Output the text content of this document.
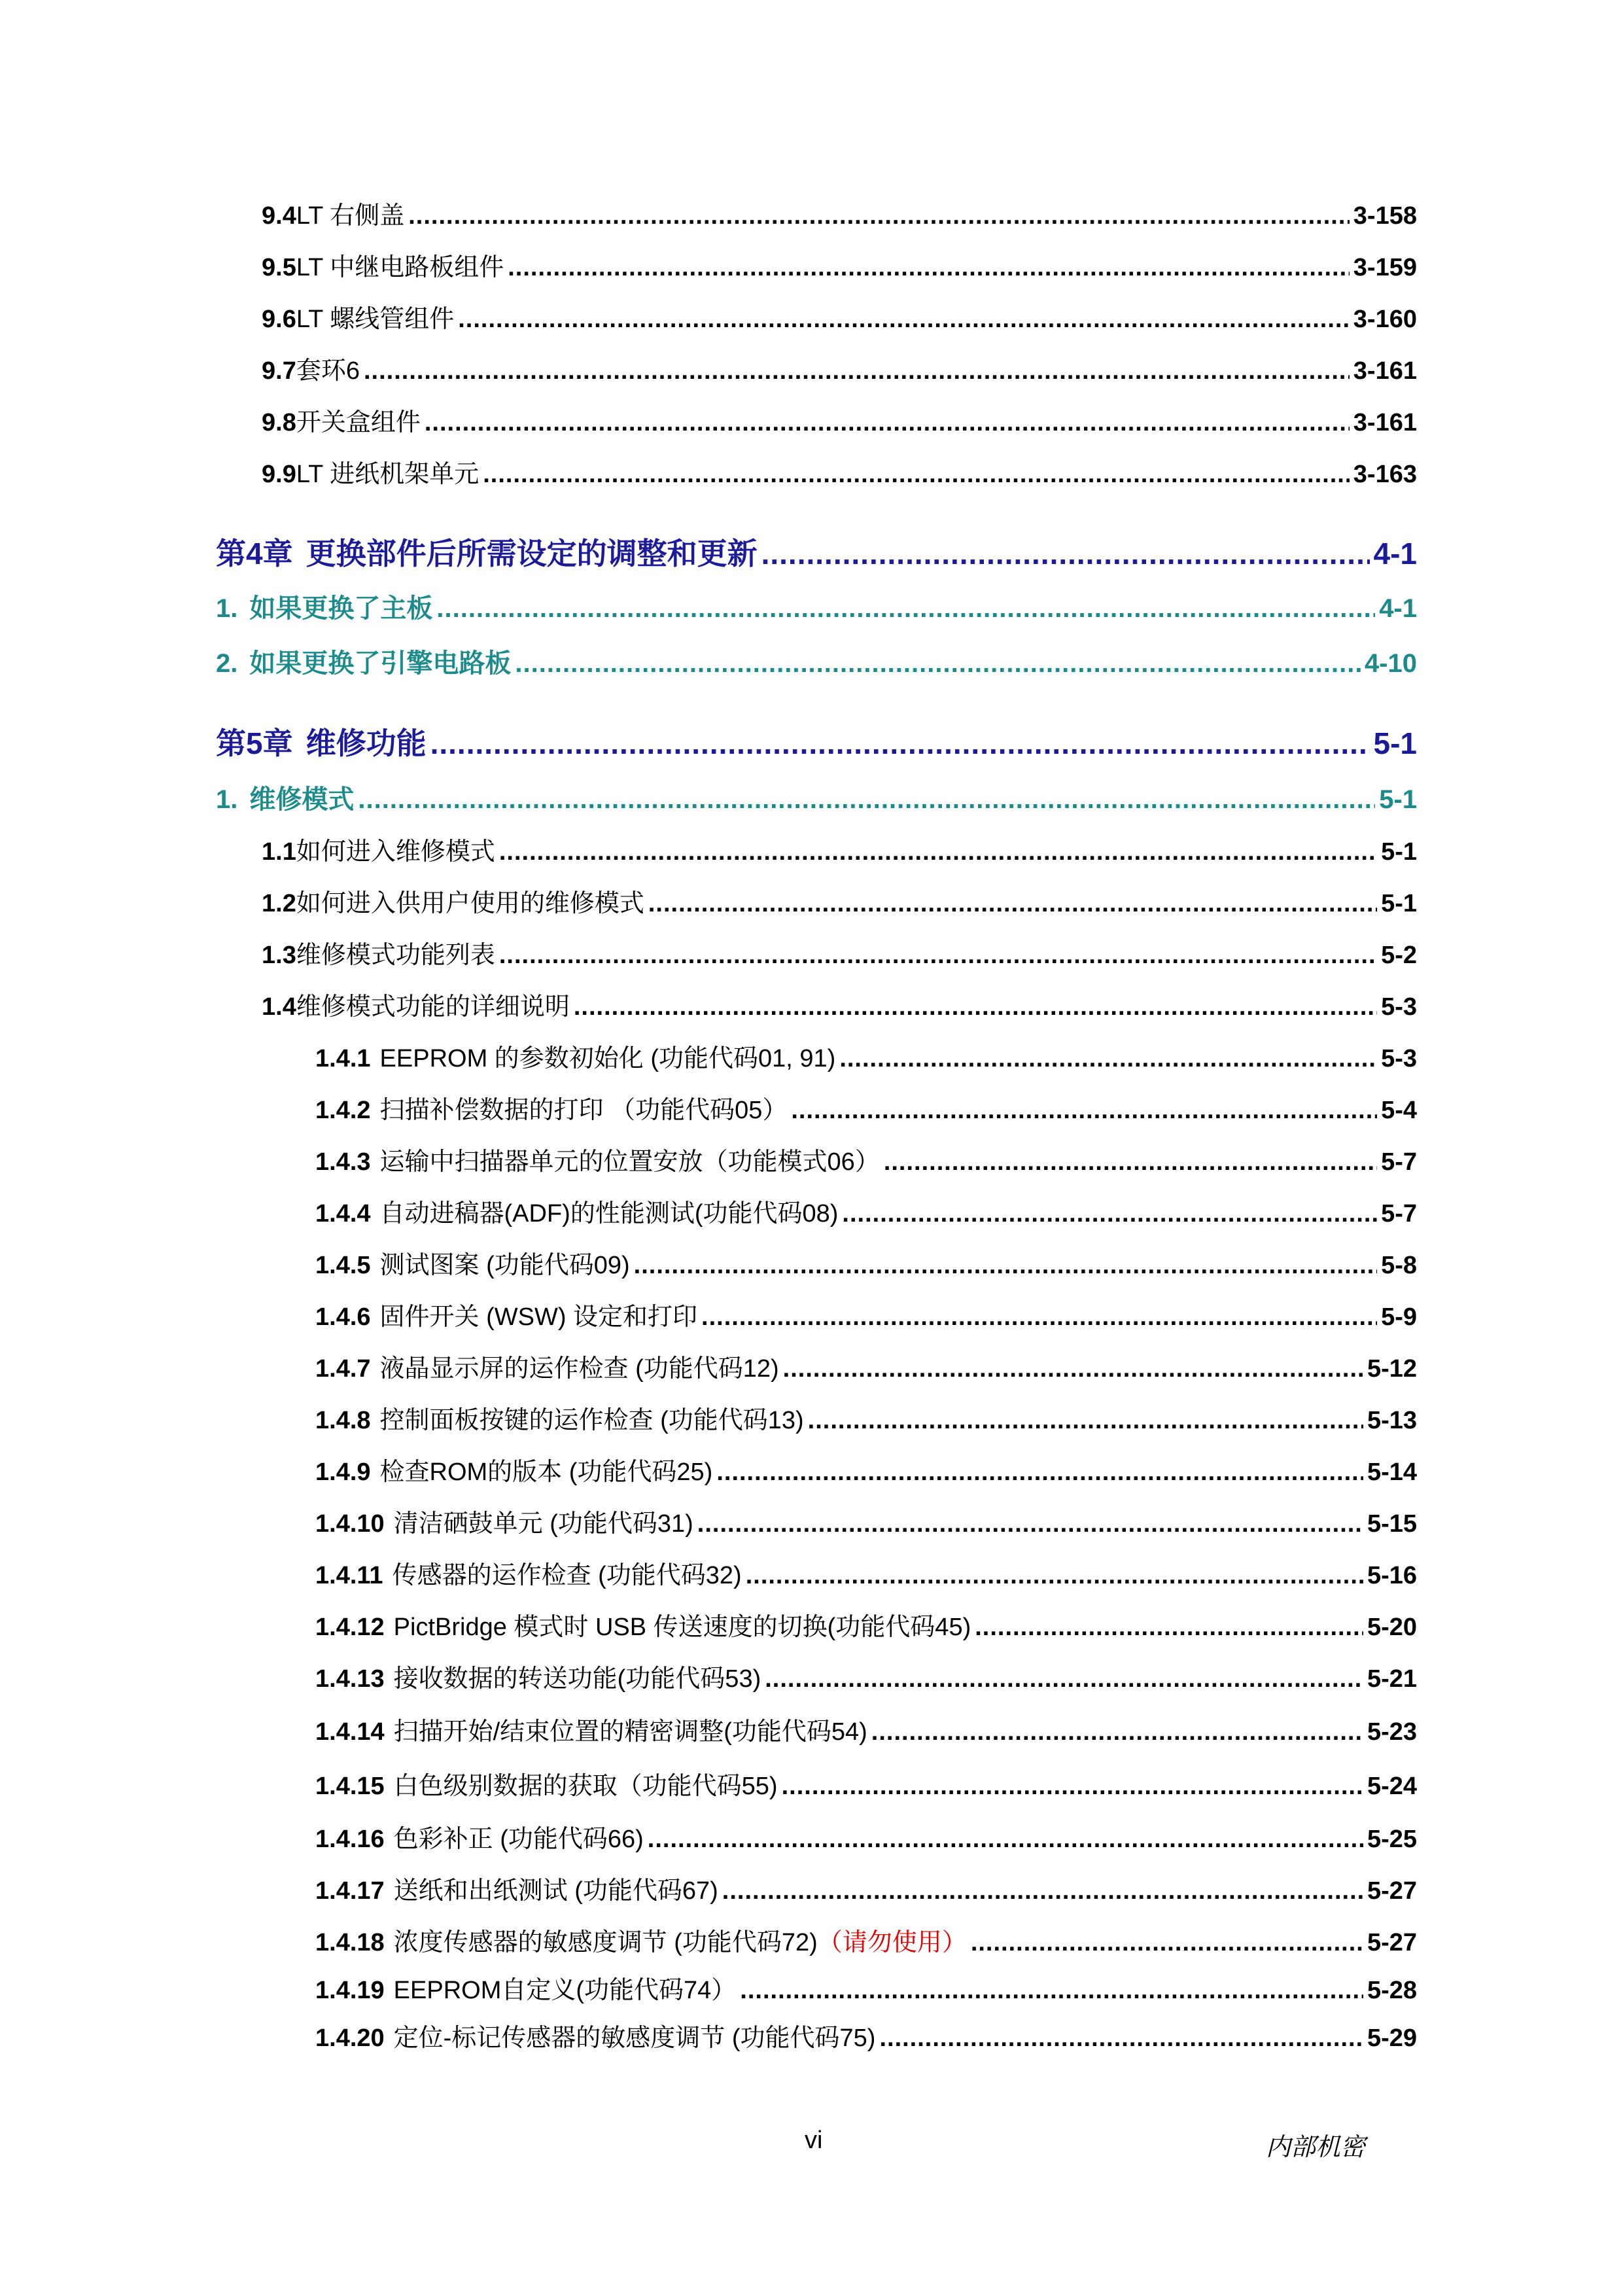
9.4 LT 右侧盖 .....	3-158
9.5 LT 中继电路板组件 .....	3-159
9.6 LT 螺线管组件 .....	3-160
9.7 套环6 .....	3-161
9.8 开关盒组件 .....	3-161
9.9 LT 进纸机架单元 .....	3-163
第4章 更换部件后所需设定的调整和更新 .....	4-1
1. 如果更换了主板 .....	4-1
2. 如果更换了引擎电路板 .....	4-10
第5章 维修功能 .....	5-1
1. 维修模式 .....	5-1
1.1 如何进入维修模式 .....	5-1
1.2 如何进入供用户使用的维修模式 .....	5-1
1.3 维修模式功能列表 .....	5-2
1.4 维修模式功能的详细说明 .....	5-3
1.4.1 EEPROM 的参数初始化 (功能代码01, 91) .....	5-3
1.4.2 扫描补偿数据的打印 （功能代码05） .....	5-4
1.4.3 运输中扫描器单元的位置安放（功能模式06） .....	5-7
1.4.4 自动进稿器(ADF)的性能测试(功能代码08) .....	5-7
1.4.5 测试图案 (功能代码09) .....	5-8
1.4.6 固件开关 (WSW) 设定和打印 .....	5-9
1.4.7 液晶显示屏的运作检查 (功能代码12) .....	5-12
1.4.8 控制面板按键的运作检查 (功能代码13) .....	5-13
1.4.9 检查ROM的版本 (功能代码25) .....	5-14
1.4.10 清洁硒鼓单元 (功能代码31) .....	5-15
1.4.11 传感器的运作检查 (功能代码32) .....	5-16
1.4.12 PictBridge 模式时 USB 传送速度的切换(功能代码45) .....	5-20
1.4.13 接收数据的转送功能(功能代码53) .....	5-21
1.4.14 扫描开始/结束位置的精密调整(功能代码54) .....	5-23
1.4.15 白色级别数据的获取（功能代码55) .....	5-24
1.4.16 色彩补正 (功能代码66) .....	5-25
1.4.17 送纸和出纸测试 (功能代码67) .....	5-27
1.4.18 浓度传感器的敏感度调节 (功能代码72) （请勿使用） .....	5-27
1.4.19 EEPROM自定义(功能代码74） .....	5-28
1.4.20 定位-标记传感器的敏感度调节 (功能代码75) .....	5-29
vi	内部机密
